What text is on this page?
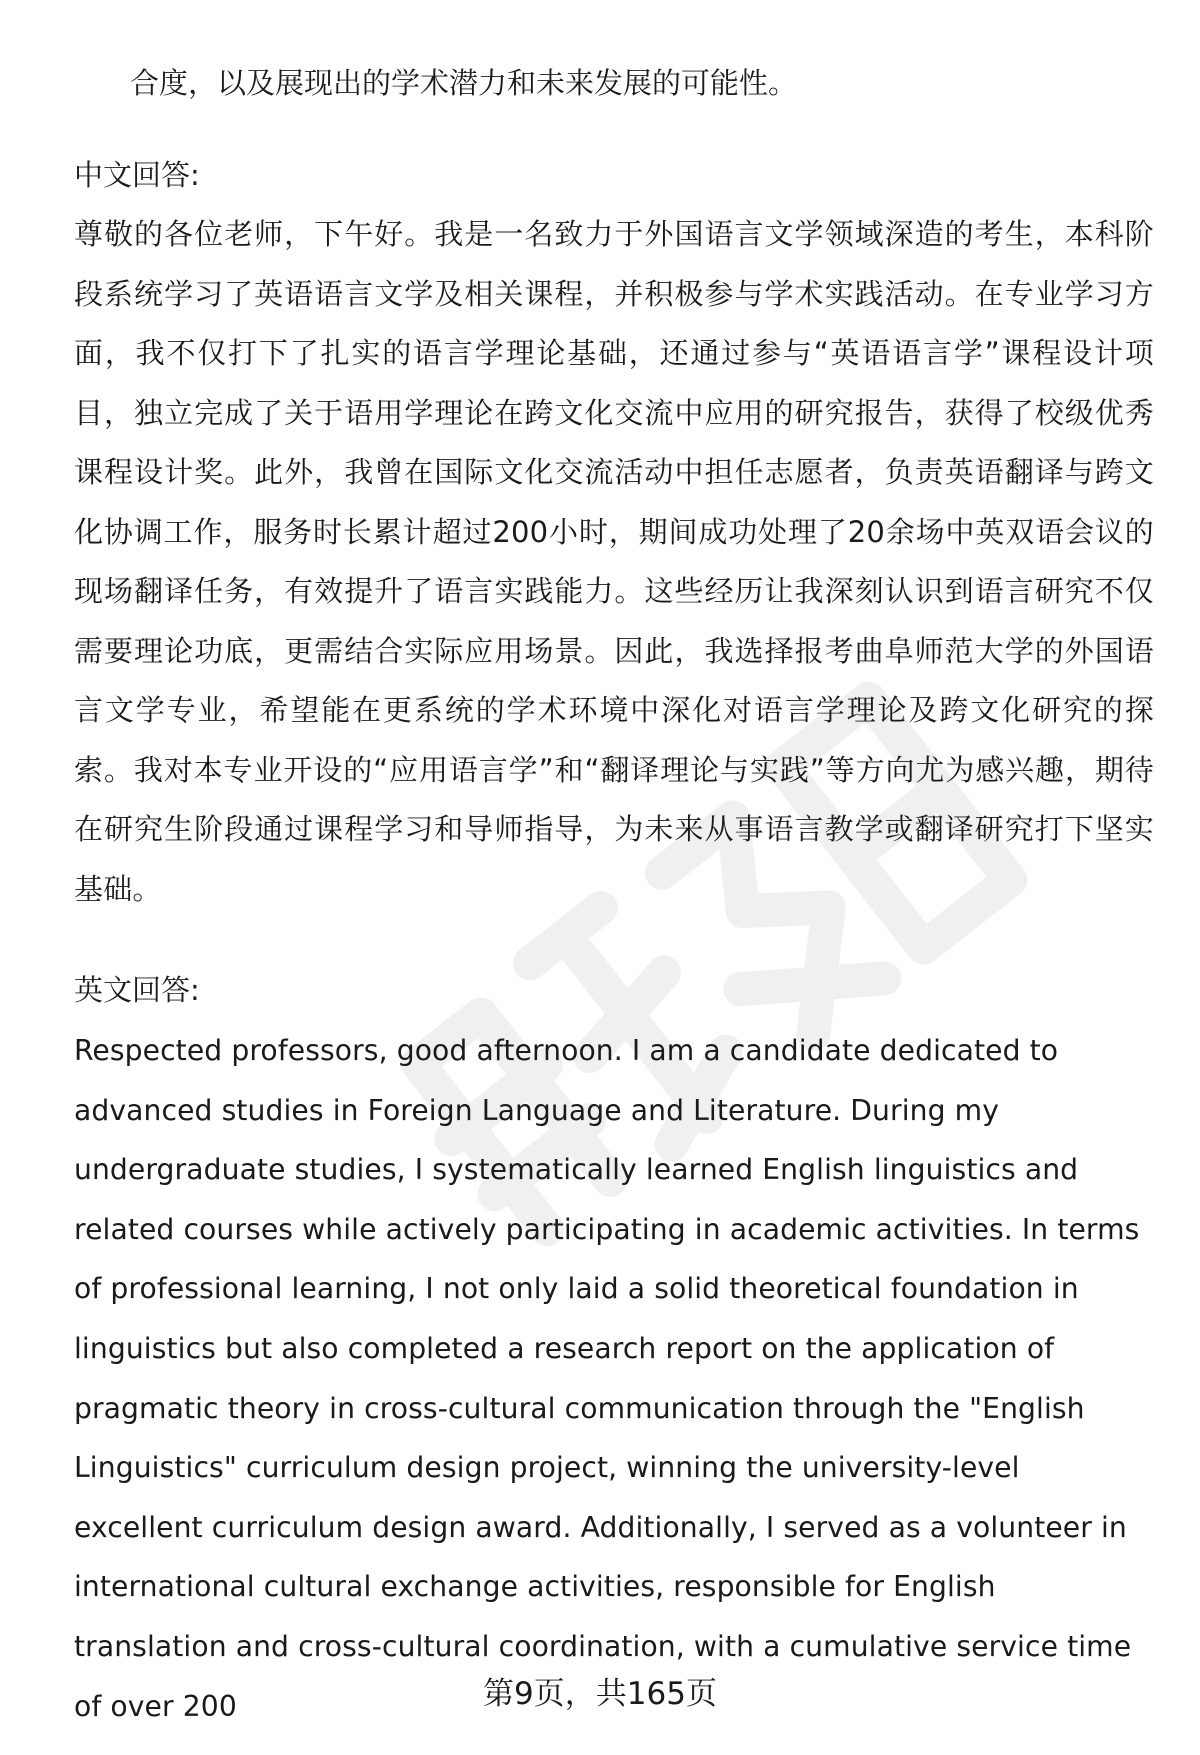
合度，以及展现出的学术潜力和未来发展的可能性。

中文回答:

尊敬的各位老师，下午好。我是一名致力于外国语言文学领域深造的考生，本科阶段系统学习了英语语言文学及相关课程，并积极参与学术实践活动。在专业学习方面，我不仅打下了扎实的语言学理论基础，还通过参与“英语语言学”课程设计项目，独立完成了关于语用学理论在跨文化交流中应用的研究报告，获得了校级优秀课程设计奖。此外，我曾在国际文化交流活动中担任志愿者，负责英语翻译与跨文化协调工作，服务时长累计超过200小时，期间成功处理了20余场中英双语会议的现场翻译任务，有效提升了语言实践能力。这些经历让我深刻认识到语言研究不仅需要理论功底，更需结合实际应用场景。因此，我选择报考曲阜师范大学的外国语言文学专业，希望能在更系统的学术环境中深化对语言学理论及跨文化研究的探索。我对本专业开设的“应用语言学”和“翻译理论与实践”等方向尤为感兴趣，期待在研究生阶段通过课程学习和导师指导，为未来从事语言教学或翻译研究打下坚实基础。

英文回答:

Respected professors, good afternoon. I am a candidate dedicated to advanced studies in Foreign Language and Literature. During my undergraduate studies, I systematically learned English linguistics and related courses while actively participating in academic activities. In terms of professional learning, I not only laid a solid theoretical foundation in linguistics but also completed a research report on the application of pragmatic theory in cross-cultural communication through the "English Linguistics" curriculum design project, winning the university-level excellent curriculum design award. Additionally, I served as a volunteer in international cultural exchange activities, responsible for English translation and cross-cultural coordination, with a cumulative service time of over 200	第9页，共165页
